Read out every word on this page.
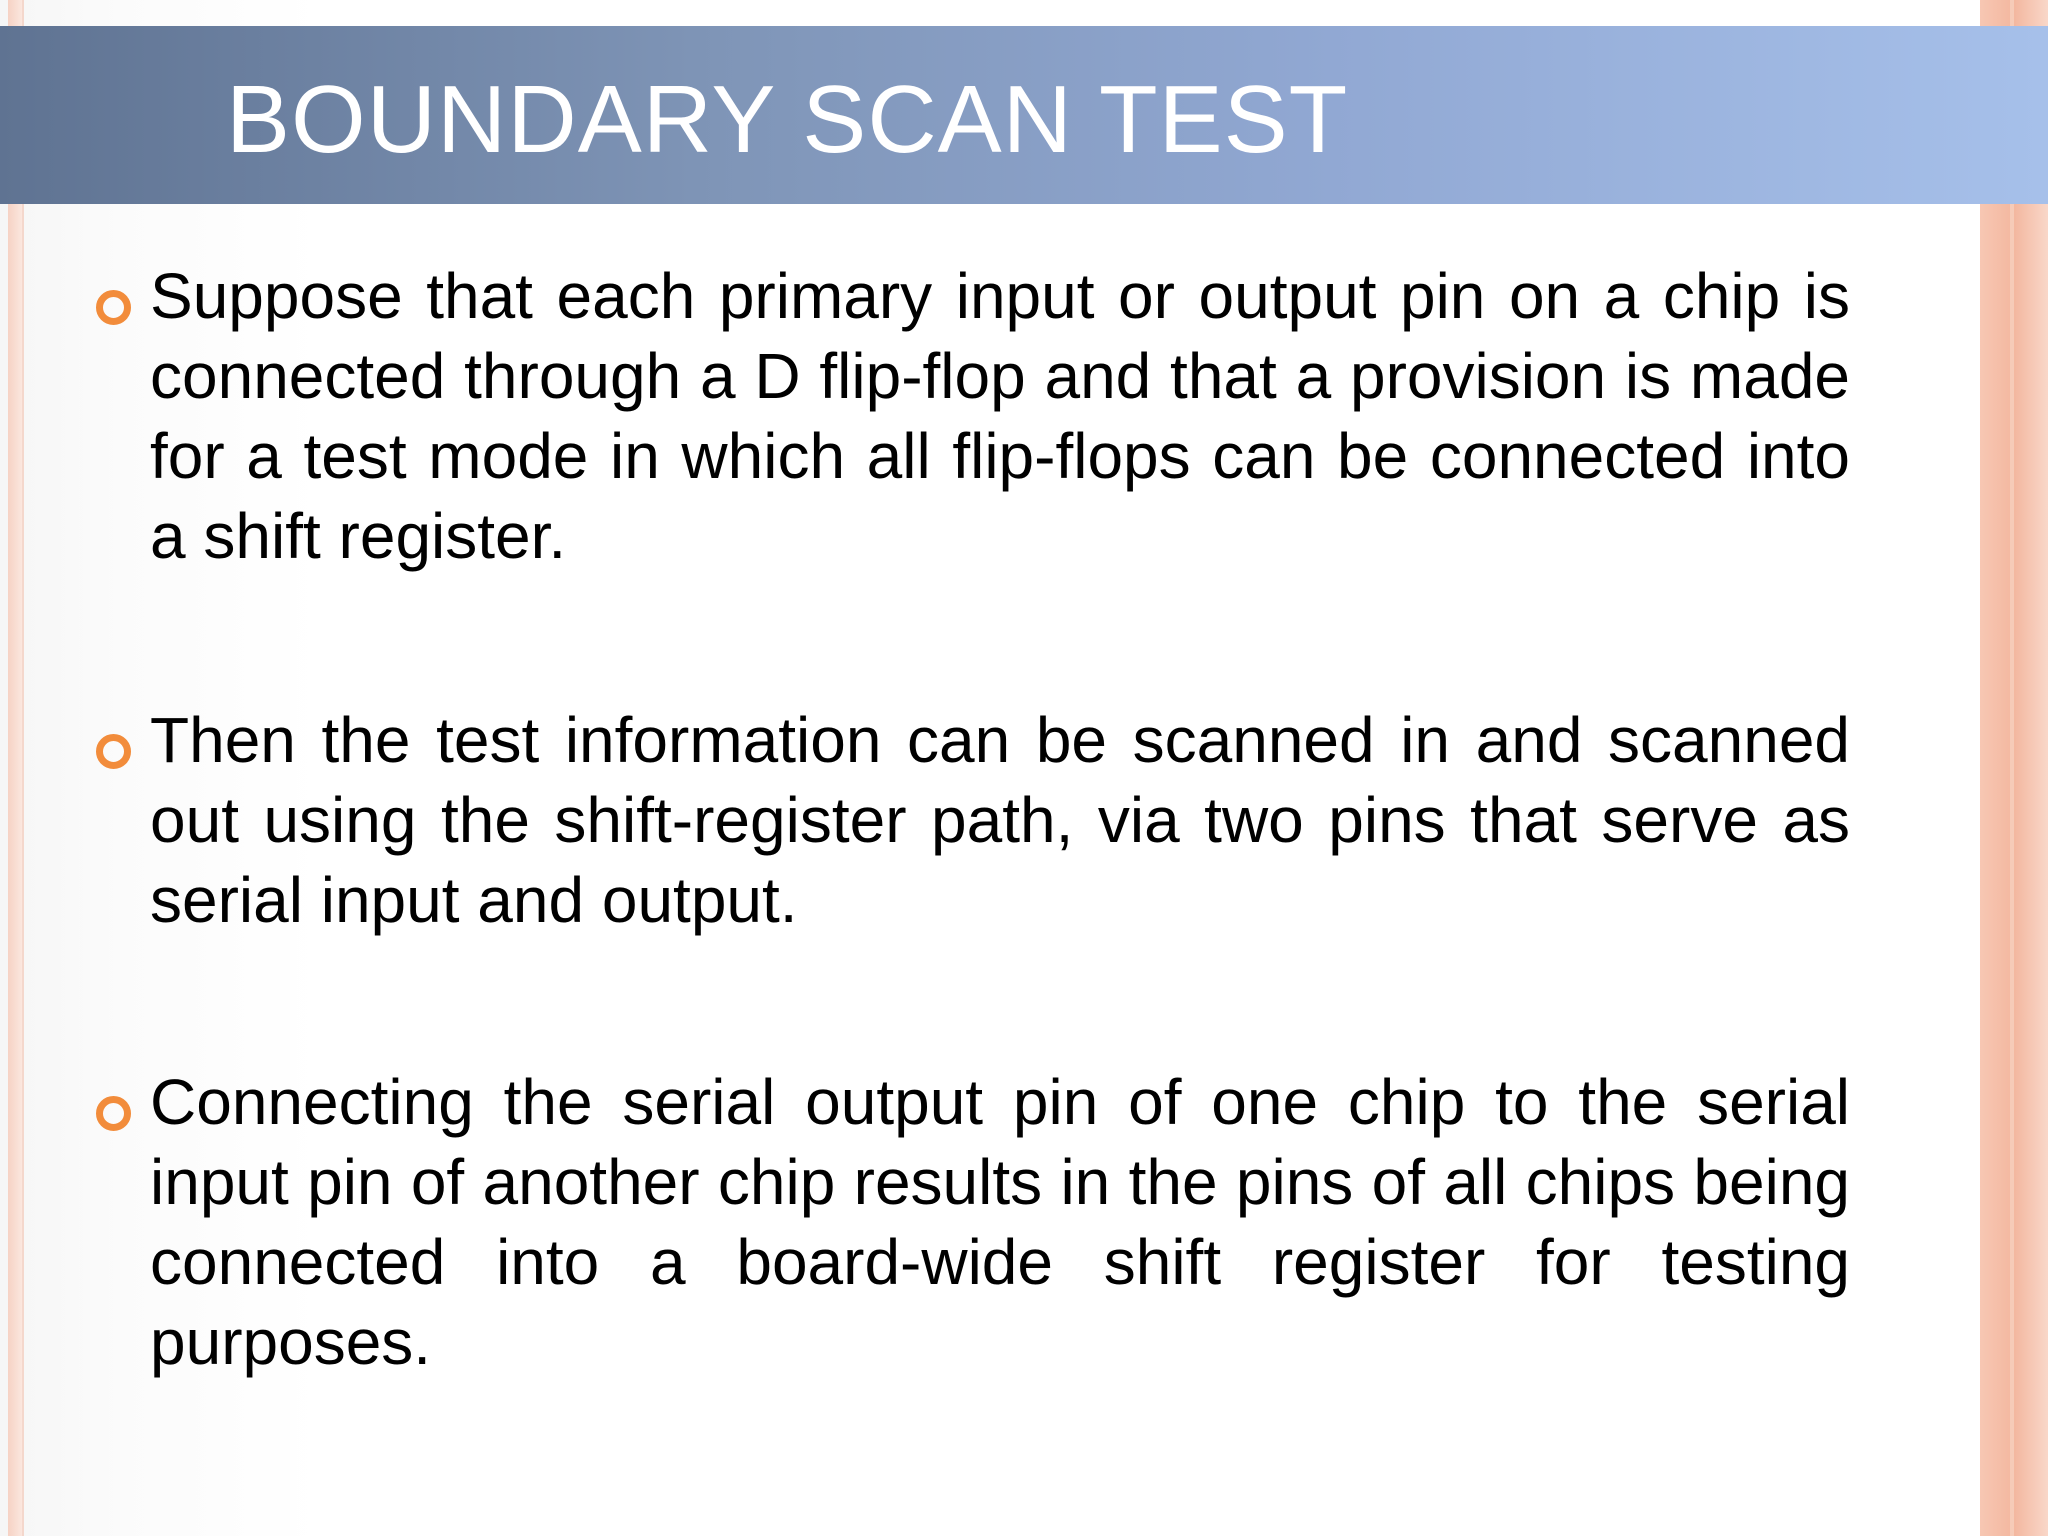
BOUNDARY SCAN TEST

Suppose that each primary input or output pin on a chip is connected through a D flip-flop and that a provision is made for a test mode in which all flip-flops can be connected into a shift register.

Then the test information can be scanned in and scanned out using the shift-register path, via two pins that serve as serial input and output.

Connecting the serial output pin of one chip to the serial input pin of another chip results in the pins of all chips being connected into a board-wide shift register for testing purposes.
